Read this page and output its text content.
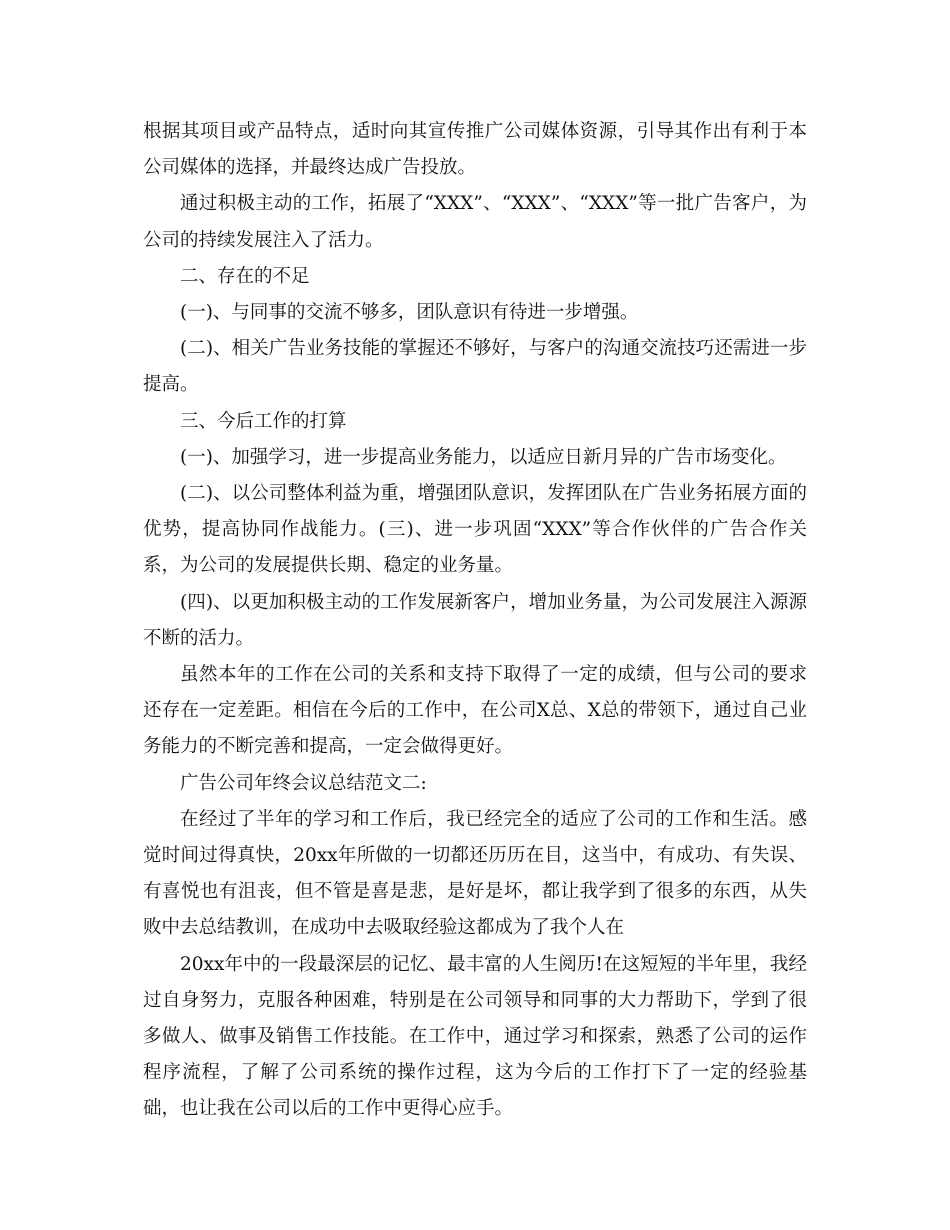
根据其项目或产品特点，适时向其宣传推广公司媒体资源，引导其作出有利于本公司媒体的选择，并最终达成广告投放。

通过积极主动的工作，拓展了“XXX”、“XXX”、“XXX”等一批广告客户，为公司的持续发展注入了活力。

二、存在的不足

(一)、与同事的交流不够多，团队意识有待进一步增强。

(二)、相关广告业务技能的掌握还不够好，与客户的沟通交流技巧还需进一步提高。

三、今后工作的打算

(一)、加强学习，进一步提高业务能力，以适应日新月异的广告市场变化。

(二)、以公司整体利益为重，增强团队意识，发挥团队在广告业务拓展方面的优势，提高协同作战能力。(三)、进一步巩固“XXX”等合作伙伴的广告合作关系，为公司的发展提供长期、稳定的业务量。

(四)、以更加积极主动的工作发展新客户，增加业务量，为公司发展注入源源不断的活力。

虽然本年的工作在公司的关系和支持下取得了一定的成绩，但与公司的要求还存在一定差距。相信在今后的工作中，在公司X总、X总的带领下，通过自己业务能力的不断完善和提高，一定会做得更好。

广告公司年终会议总结范文二:

在经过了半年的学习和工作后，我已经完全的适应了公司的工作和生活。感觉时间过得真快，20xx年所做的一切都还历历在目，这当中，有成功、有失误、有喜悦也有沮丧，但不管是喜是悲，是好是坏，都让我学到了很多的东西，从失败中去总结教训，在成功中去吸取经验这都成为了我个人在

20xx年中的一段最深层的记忆、最丰富的人生阅历!在这短短的半年里，我经过自身努力，克服各种困难，特别是在公司领导和同事的大力帮助下，学到了很多做人、做事及销售工作技能。在工作中，通过学习和探索，熟悉了公司的运作程序流程，了解了公司系统的操作过程，这为今后的工作打下了一定的经验基础，也让我在公司以后的工作中更得心应手。
